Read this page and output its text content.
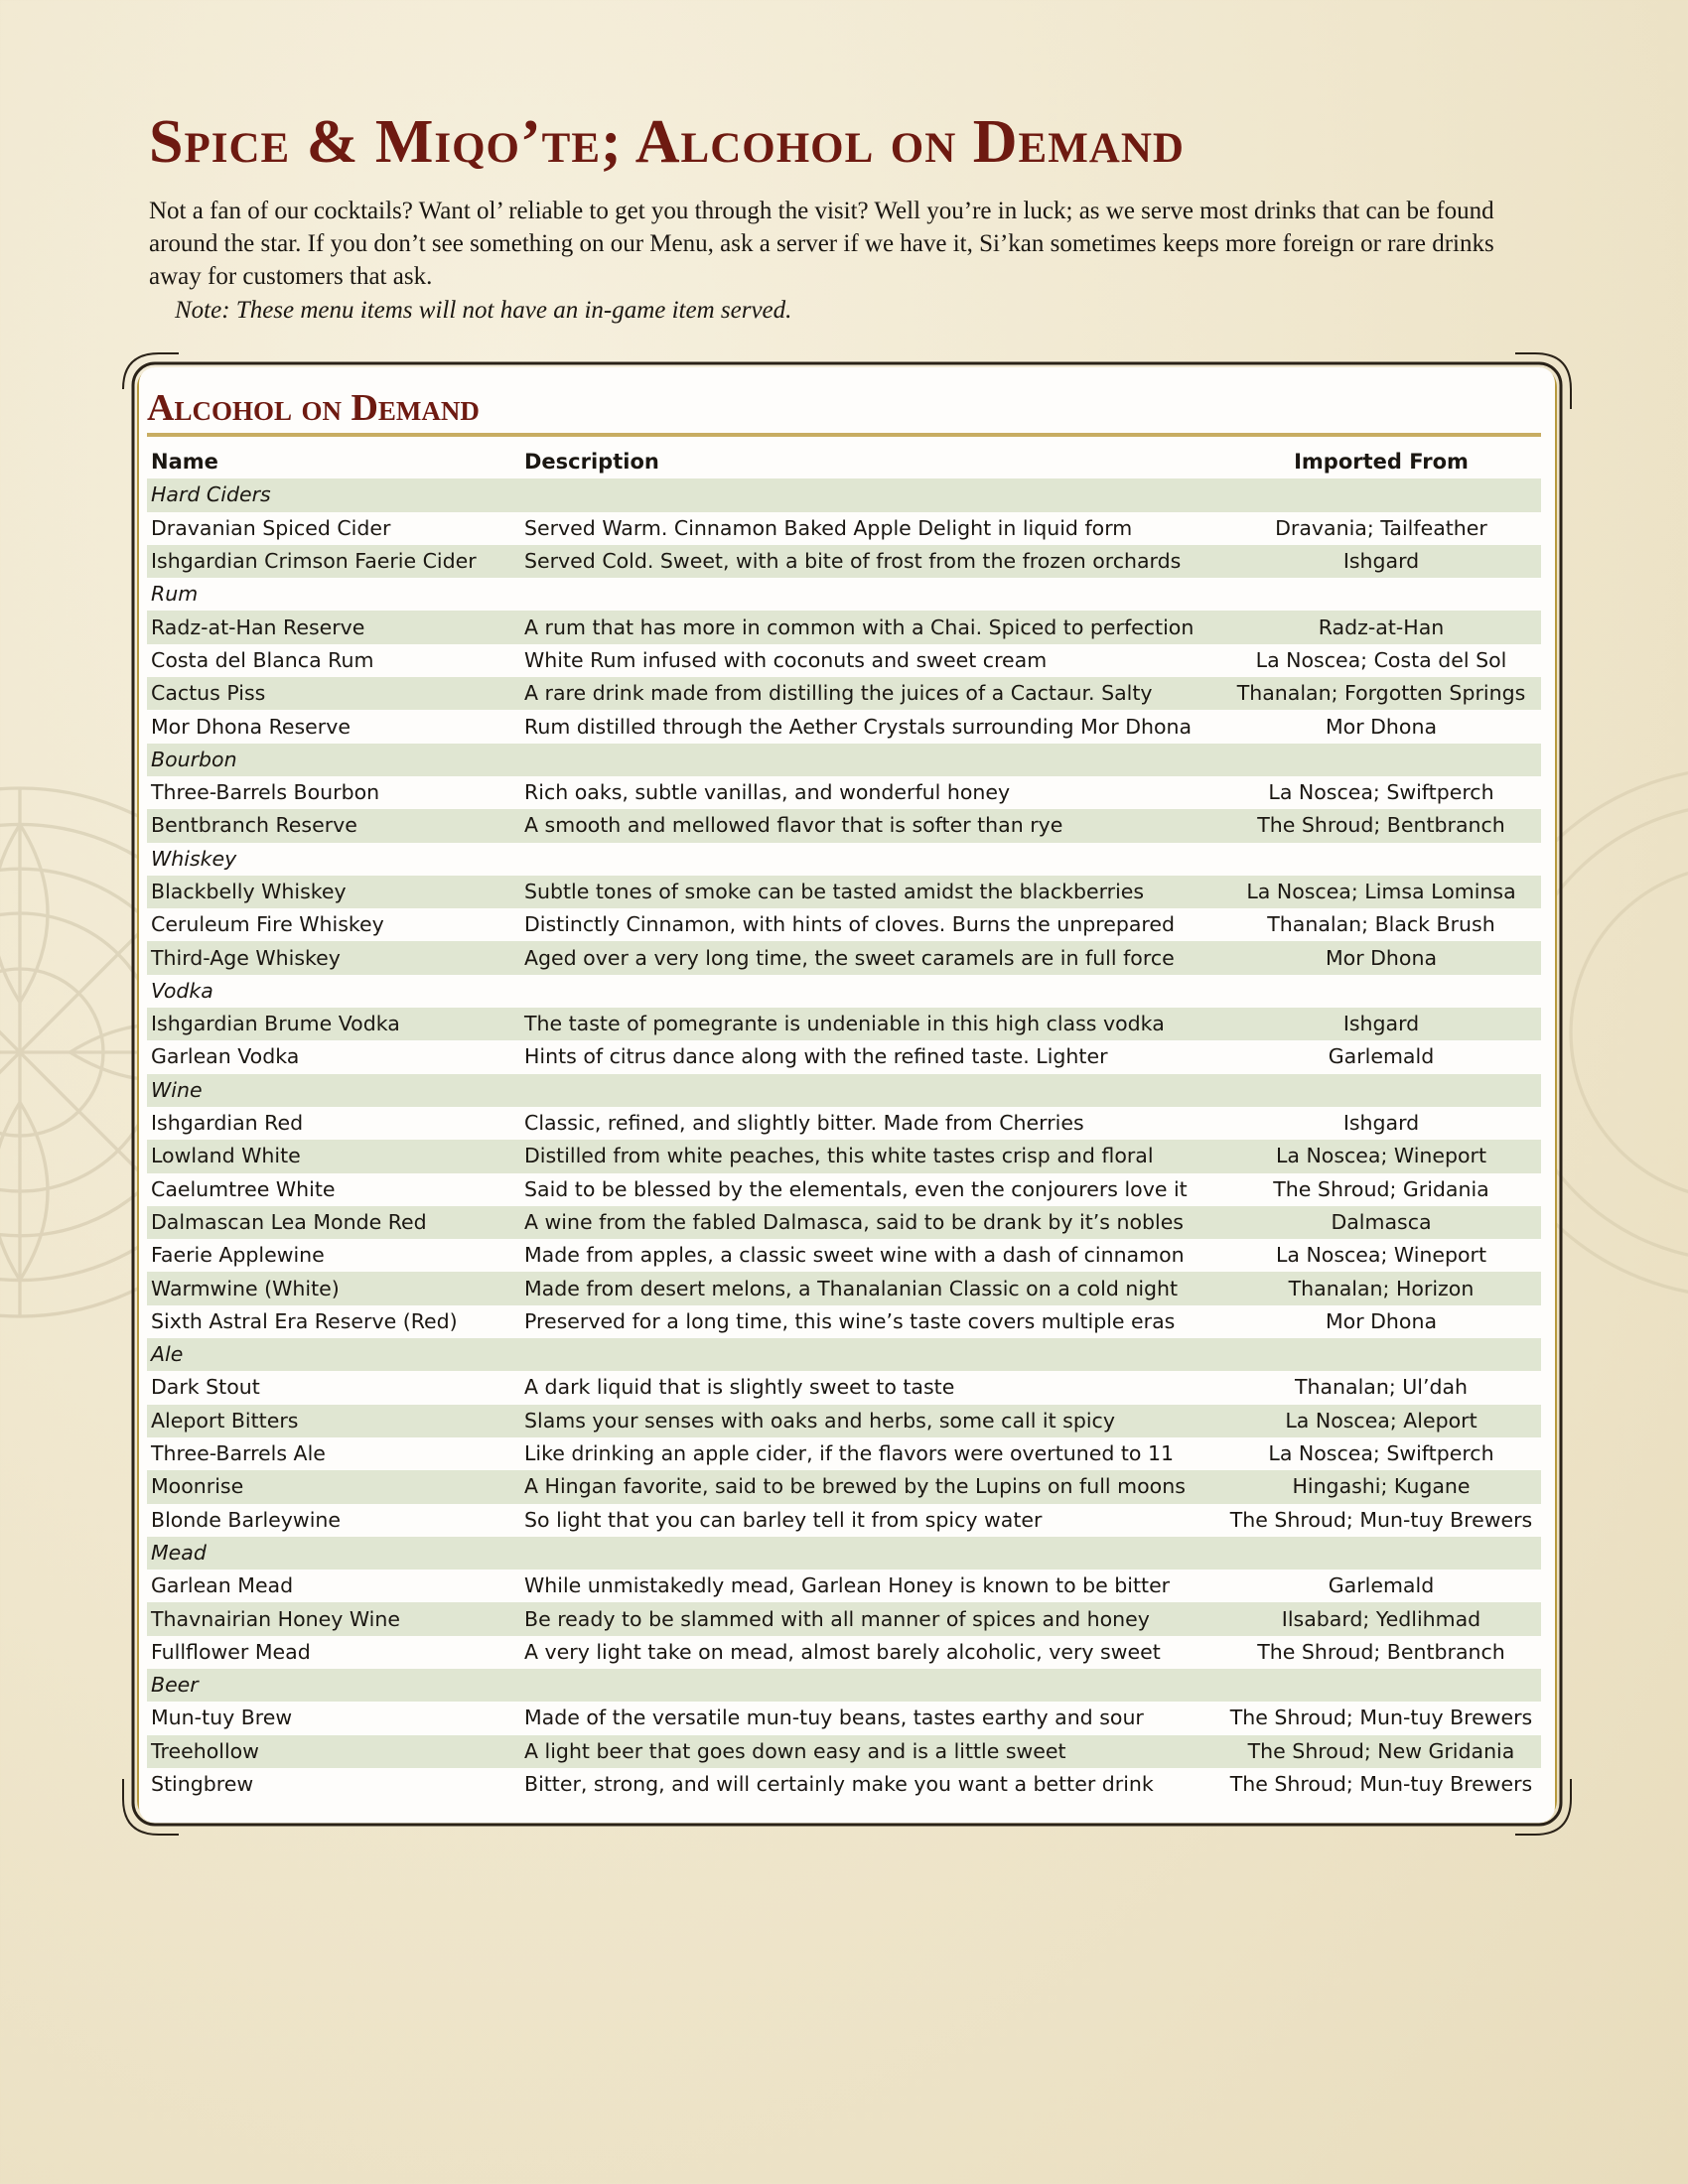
Spice & Miqo’te; Alcohol on Demand

Not a fan of our cocktails? Want ol’ reliable to get you through the visit? Well you’re in luck; as we serve most drinks that can be found around the star. If you don’t see something on our Menu, ask a server if we have it, Si’kan sometimes keeps more foreign or rare drinks away for customers that ask.

Note: These menu items will not have an in-game item served.

Alcohol on Demand
Name	Description	Imported From
Hard Ciders		
Dravanian Spiced Cider	Served Warm. Cinnamon Baked Apple Delight in liquid form	Dravania; Tailfeather
Ishgardian Crimson Faerie Cider	Served Cold. Sweet, with a bite of frost from the frozen orchards	Ishgard
Rum		
Radz-at-Han Reserve	A rum that has more in common with a Chai. Spiced to perfection	Radz-at-Han
Costa del Blanca Rum	White Rum infused with coconuts and sweet cream	La Noscea; Costa del Sol
Cactus Piss	A rare drink made from distilling the juices of a Cactaur. Salty	Thanalan; Forgotten Springs
Mor Dhona Reserve	Rum distilled through the Aether Crystals surrounding Mor Dhona	Mor Dhona
Bourbon		
Three-Barrels Bourbon	Rich oaks, subtle vanillas, and wonderful honey	La Noscea; Swiftperch
Bentbranch Reserve	A smooth and mellowed flavor that is softer than rye	The Shroud; Bentbranch
Whiskey		
Blackbelly Whiskey	Subtle tones of smoke can be tasted amidst the blackberries	La Noscea; Limsa Lominsa
Ceruleum Fire Whiskey	Distinctly Cinnamon, with hints of cloves. Burns the unprepared	Thanalan; Black Brush
Third-Age Whiskey	Aged over a very long time, the sweet caramels are in full force	Mor Dhona
Vodka		
Ishgardian Brume Vodka	The taste of pomegrante is undeniable in this high class vodka	Ishgard
Garlean Vodka	Hints of citrus dance along with the refined taste. Lighter	Garlemald
Wine		
Ishgardian Red	Classic, refined, and slightly bitter. Made from Cherries	Ishgard
Lowland White	Distilled from white peaches, this white tastes crisp and floral	La Noscea; Wineport
Caelumtree White	Said to be blessed by the elementals, even the conjourers love it	The Shroud; Gridania
Dalmascan Lea Monde Red	A wine from the fabled Dalmasca, said to be drank by it’s nobles	Dalmasca
Faerie Applewine	Made from apples, a classic sweet wine with a dash of cinnamon	La Noscea; Wineport
Warmwine (White)	Made from desert melons, a Thanalanian Classic on a cold night	Thanalan; Horizon
Sixth Astral Era Reserve (Red)	Preserved for a long time, this wine’s taste covers multiple eras	Mor Dhona
Ale		
Dark Stout	A dark liquid that is slightly sweet to taste	Thanalan; Ul’dah
Aleport Bitters	Slams your senses with oaks and herbs, some call it spicy	La Noscea; Aleport
Three-Barrels Ale	Like drinking an apple cider, if the flavors were overtuned to 11	La Noscea; Swiftperch
Moonrise	A Hingan favorite, said to be brewed by the Lupins on full moons	Hingashi; Kugane
Blonde Barleywine	So light that you can barley tell it from spicy water	The Shroud; Mun-tuy Brewers
Mead		
Garlean Mead	While unmistakedly mead, Garlean Honey is known to be bitter	Garlemald
Thavnairian Honey Wine	Be ready to be slammed with all manner of spices and honey	Ilsabard; Yedlihmad
Fullflower Mead	A very light take on mead, almost barely alcoholic, very sweet	The Shroud; Bentbranch
Beer		
Mun-tuy Brew	Made of the versatile mun-tuy beans, tastes earthy and sour	The Shroud; Mun-tuy Brewers
Treehollow	A light beer that goes down easy and is a little sweet	The Shroud; New Gridania
Stingbrew	Bitter, strong, and will certainly make you want a better drink	The Shroud; Mun-tuy Brewers
